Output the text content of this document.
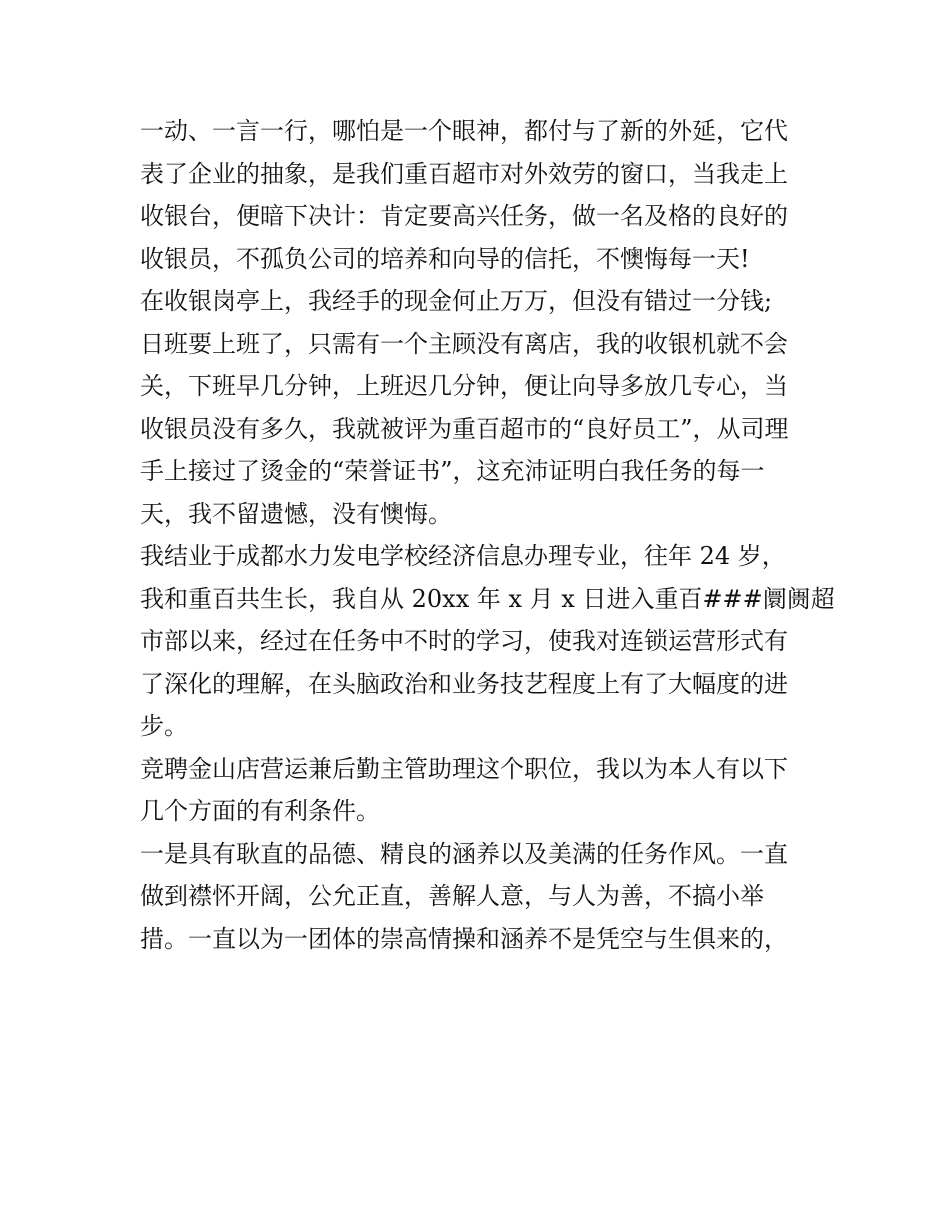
一动、一言一行，哪怕是一个眼神，都付与了新的外延，它代
表了企业的抽象，是我们重百超市对外效劳的窗口，当我走上
收银台，便暗下决计：肯定要高兴任务，做一名及格的良好的
收银员，不孤负公司的培养和向导的信托，不懊悔每一天!
在收银岗亭上，我经手的现金何止万万，但没有错过一分钱;
日班要上班了，只需有一个主顾没有离店，我的收银机就不会
关，下班早几分钟，上班迟几分钟，便让向导多放几专心，当
收银员没有多久，我就被评为重百超市的“良好员工”，从司理
手上接过了烫金的“荣誉证书”，这充沛证明白我任务的每一
天，我不留遗憾，没有懊悔。
我结业于成都水力发电学校经济信息办理专业，往年 24 岁，
我和重百共生长，我自从 20xx 年 x 月 x 日进入重百###阛阓超
市部以来，经过在任务中不时的学习，使我对连锁运营形式有
了深化的理解，在头脑政治和业务技艺程度上有了大幅度的进
步。
竞聘金山店营运兼后勤主管助理这个职位，我以为本人有以下
几个方面的有利条件。
一是具有耿直的品德、精良的涵养以及美满的任务作风。一直
做到襟怀开阔，公允正直，善解人意，与人为善，不搞小举
措。一直以为一团体的崇高情操和涵养不是凭空与生俱来的，
